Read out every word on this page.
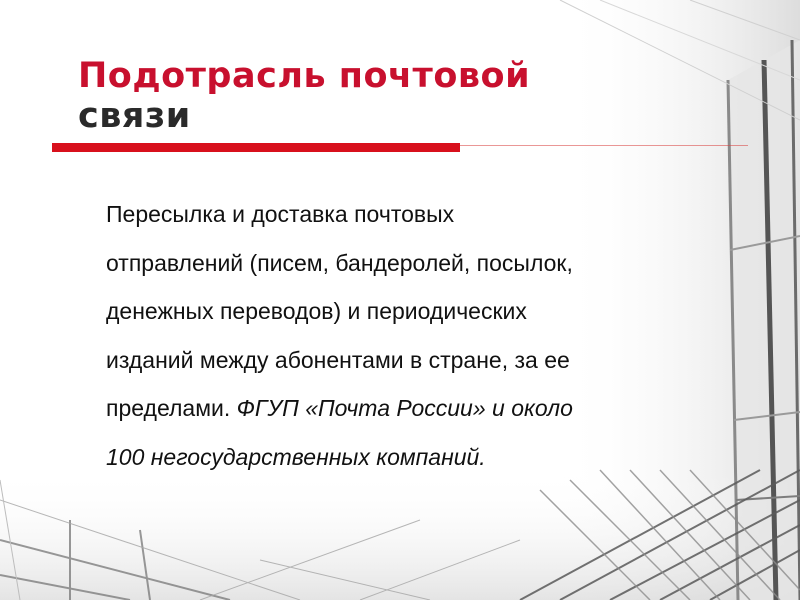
Подотрасль почтовой
связи

Пересылка и доставка почтовых
отправлений (писем, бандеролей, посылок,
денежных переводов) и периодических
изданий между абонентами в стране, за ее
пределами. ФГУП «Почта России» и около
100 негосударственных компаний.
